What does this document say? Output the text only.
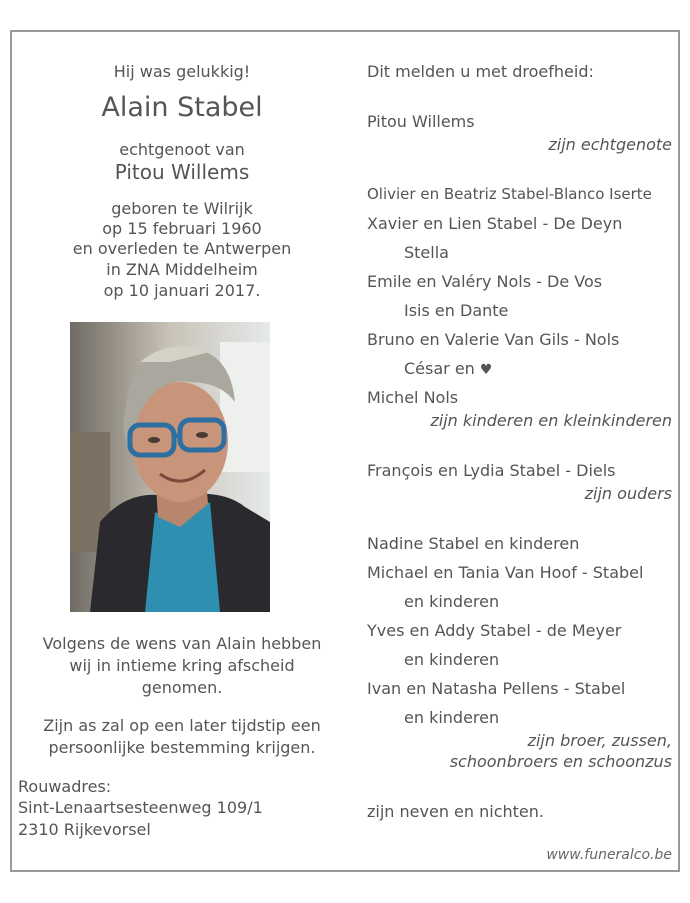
Hij was gelukkig!
Alain Stabel
echtgenoot van
Pitou Willems
geboren te Wilrijk
op 15 februari 1960
en overleden te Antwerpen
in ZNA Middelheim
op 10 januari 2017.
Volgens de wens van Alain hebben
wij in intieme kring afscheid
genomen.
Zijn as zal op een later tijdstip een
persoonlijke bestemming krijgen.
Rouwadres:
Sint-Lenaartsesteenweg 109/1
2310 Rijkevorsel
Dit melden u met droefheid:
Pitou Willems
zijn echtgenote
Olivier en Beatriz Stabel-Blanco Iserte
Xavier en Lien Stabel - De Deyn
Stella
Emile en Valéry Nols - De Vos
Isis en Dante
Bruno en Valerie Van Gils - Nols
César en ♥
Michel Nols
zijn kinderen en kleinkinderen
François en Lydia Stabel - Diels
zijn ouders
Nadine Stabel en kinderen
Michael en Tania Van Hoof - Stabel
en kinderen
Yves en Addy Stabel - de Meyer
en kinderen
Ivan en Natasha Pellens - Stabel
en kinderen
zijn broer, zussen,
schoonbroers en schoonzus
zijn neven en nichten.
www.funeralco.be
